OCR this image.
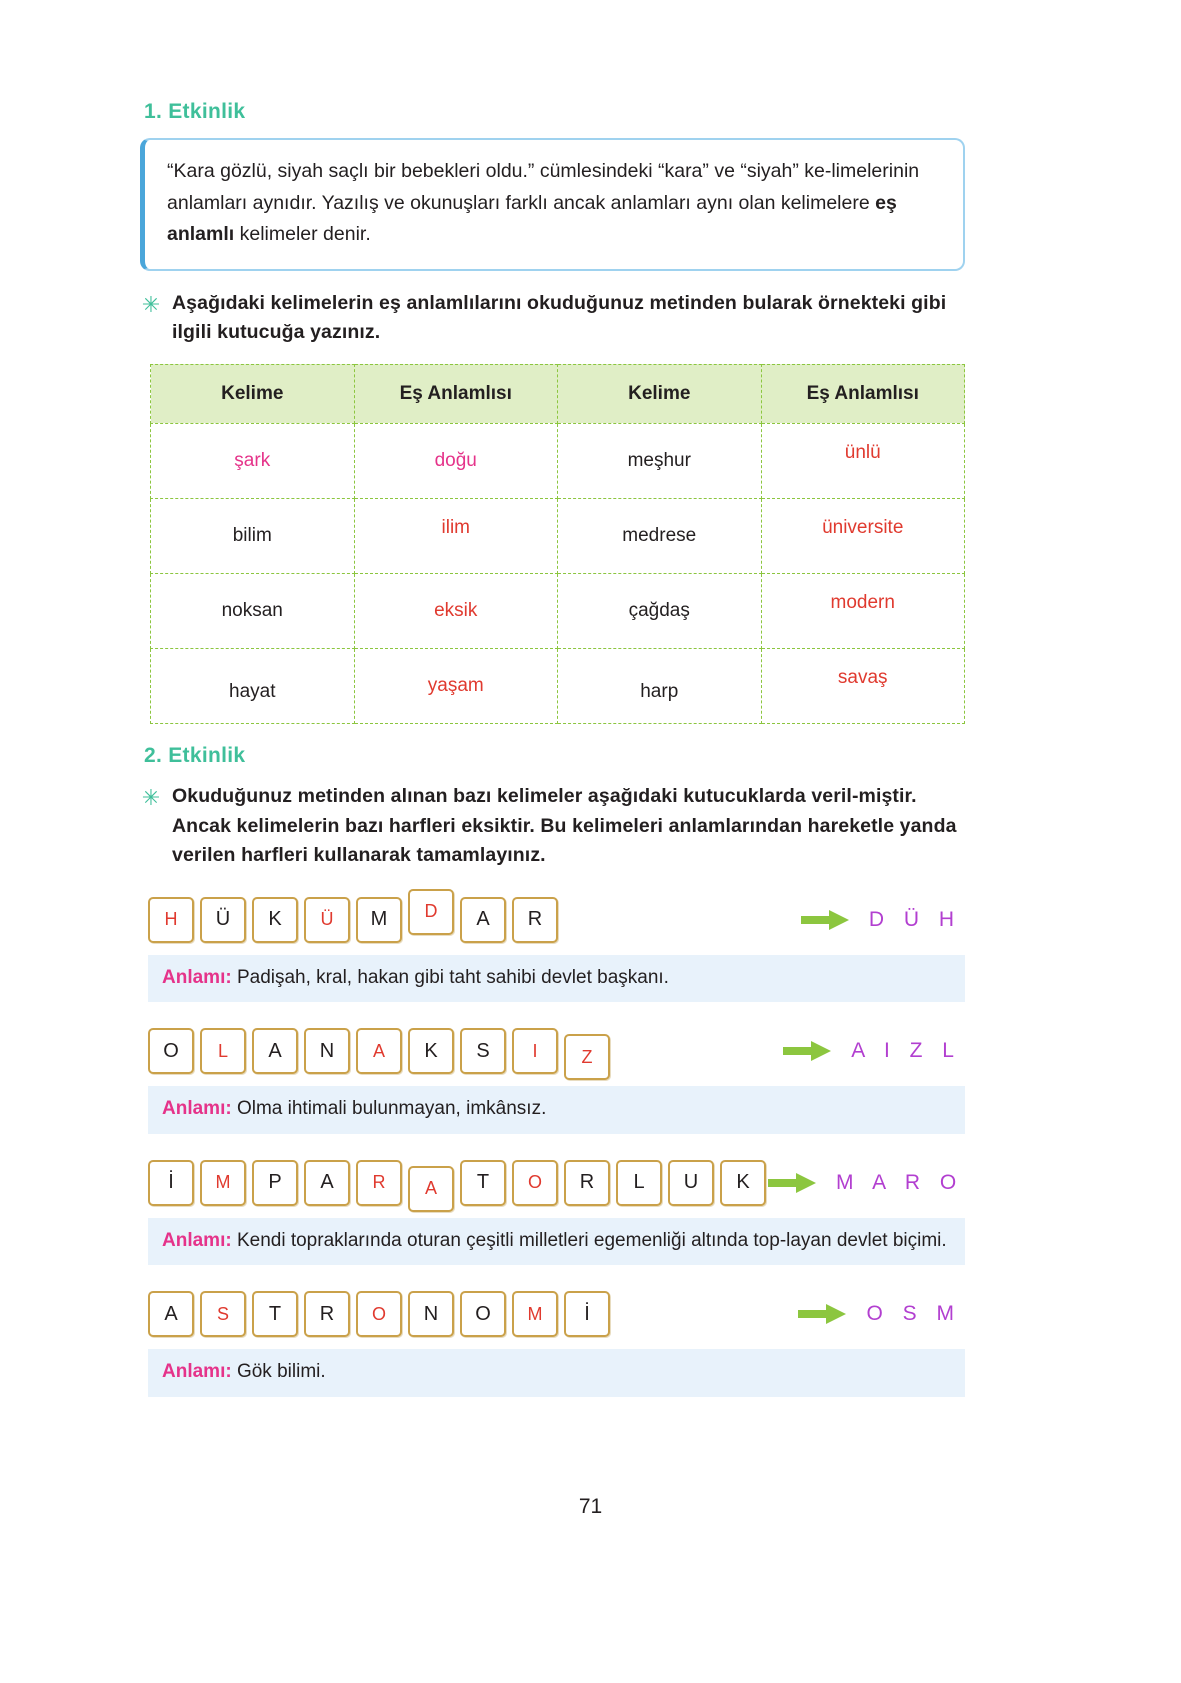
1. Etkinlik

“Kara gözlü, siyah saçlı bir bebekleri oldu.” cümlesindeki “kara” ve “siyah” ke-limelerinin anlamları aynıdır. Yazılış ve okunuşları farklı ancak anlamları aynı olan kelimelere eş anlamlı kelimeler denir.

✳ Aşağıdaki kelimelerin eş anlamlılarını okuduğunuz metinden bularak örnekteki gibi ilgili kutucuğa yazınız.
Kelime	Eş Anlamlısı	Kelime	Eş Anlamlısı
şark	doğu	meşhur	ünlü
bilim	ilim	medrese	üniversite
noksan	eksik	çağdaş	modern
hayat	yaşam	harp	savaş
2. Etkinlik
✳ Okuduğunuz metinden alınan bazı kelimeler aşağıdaki kutucuklarda veril-miştir. Ancak kelimelerin bazı harfleri eksiktir. Bu kelimeleri anlamlarından hareketle yanda verilen harfleri kullanarak tamamlayınız.
H	Ü	K	Ü	M	D	A	R	D Ü H
Anlamı: Padişah, kral, hakan gibi taht sahibi devlet başkanı.
O	L	A	N	A	K	S	I	Z	A I Z L
Anlamı: Olma ihtimali bulunmayan, imkânsız.
İ	M	P	A	R	A	T	O	R	L	U	K	M A R O
Anlamı: Kendi topraklarında oturan çeşitli milletleri egemenliği altında top-layan devlet biçimi.
A	S	T	R	O	N	O	M	İ	O S M
Anlamı: Gök bilimi.
71
